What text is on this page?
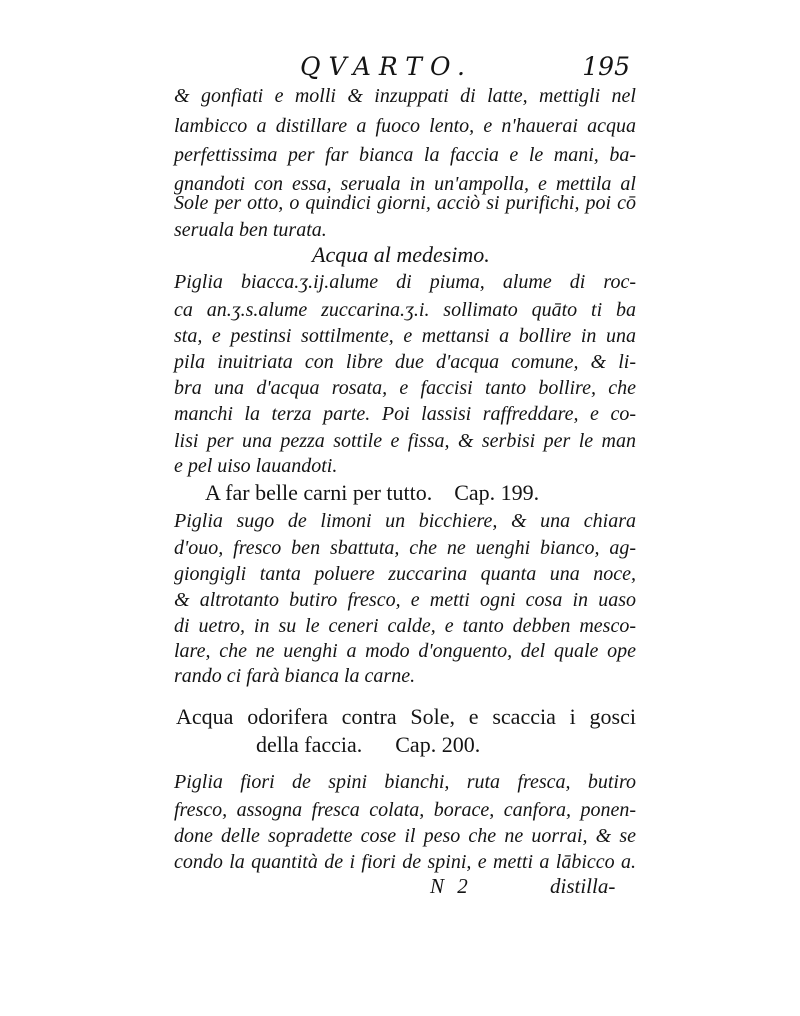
QVARTO.	195
& gonfiati e molli & inzuppati di latte, mettigli nel
lambicco a distillare a fuoco lento, e n'hauerai acqua
perfettissima per far bianca la faccia e le mani, ba-
gnandoti con essa, seruala in un'ampolla, e mettila al
Sole per otto, o quindici giorni, acciò si purifichi, poi cō
seruala ben turata.
Acqua al medesimo.
Piglia biacca.ʒ.ij.alume di piuma, alume di roc-
ca an.ʒ.s.alume zuccarina.ʒ.i. sollimato quāto ti ba
sta, e pestinsi sottilmente, e mettansi a bollire in una
pila inuitriata con libre due d'acqua comune, & li-
bra una d'acqua rosata, e faccisi tanto bollire, che
manchi la terza parte. Poi lassisi raffreddare, e co-
lisi per una pezza sottile e fissa, & serbisi per le man
e pel uiso lauandoti.
A far belle carni per tutto.    Cap. 199.
Piglia sugo de limoni un bicchiere, & una chiara
d'ouo, fresco ben sbattuta, che ne uenghi bianco, ag-
giongigli tanta poluere zuccarina quanta una noce,
& altrotanto butiro fresco, e metti ogni cosa in uaso
di uetro, in su le ceneri calde, e tanto debben mesco-
lare, che ne uenghi a modo d'onguento, del quale ope
rando ci farà bianca la carne.
Acqua odorifera contra Sole, e scaccia i gosci
della faccia.      Cap. 200.
Piglia fiori de spini bianchi, ruta fresca, butiro
fresco, assogna fresca colata, borace, canfora, ponen-
done delle sopradette cose il peso che ne uorrai, & se
condo la quantità de i fiori de spini, e metti a lābicco a.
N 2	distilla-
